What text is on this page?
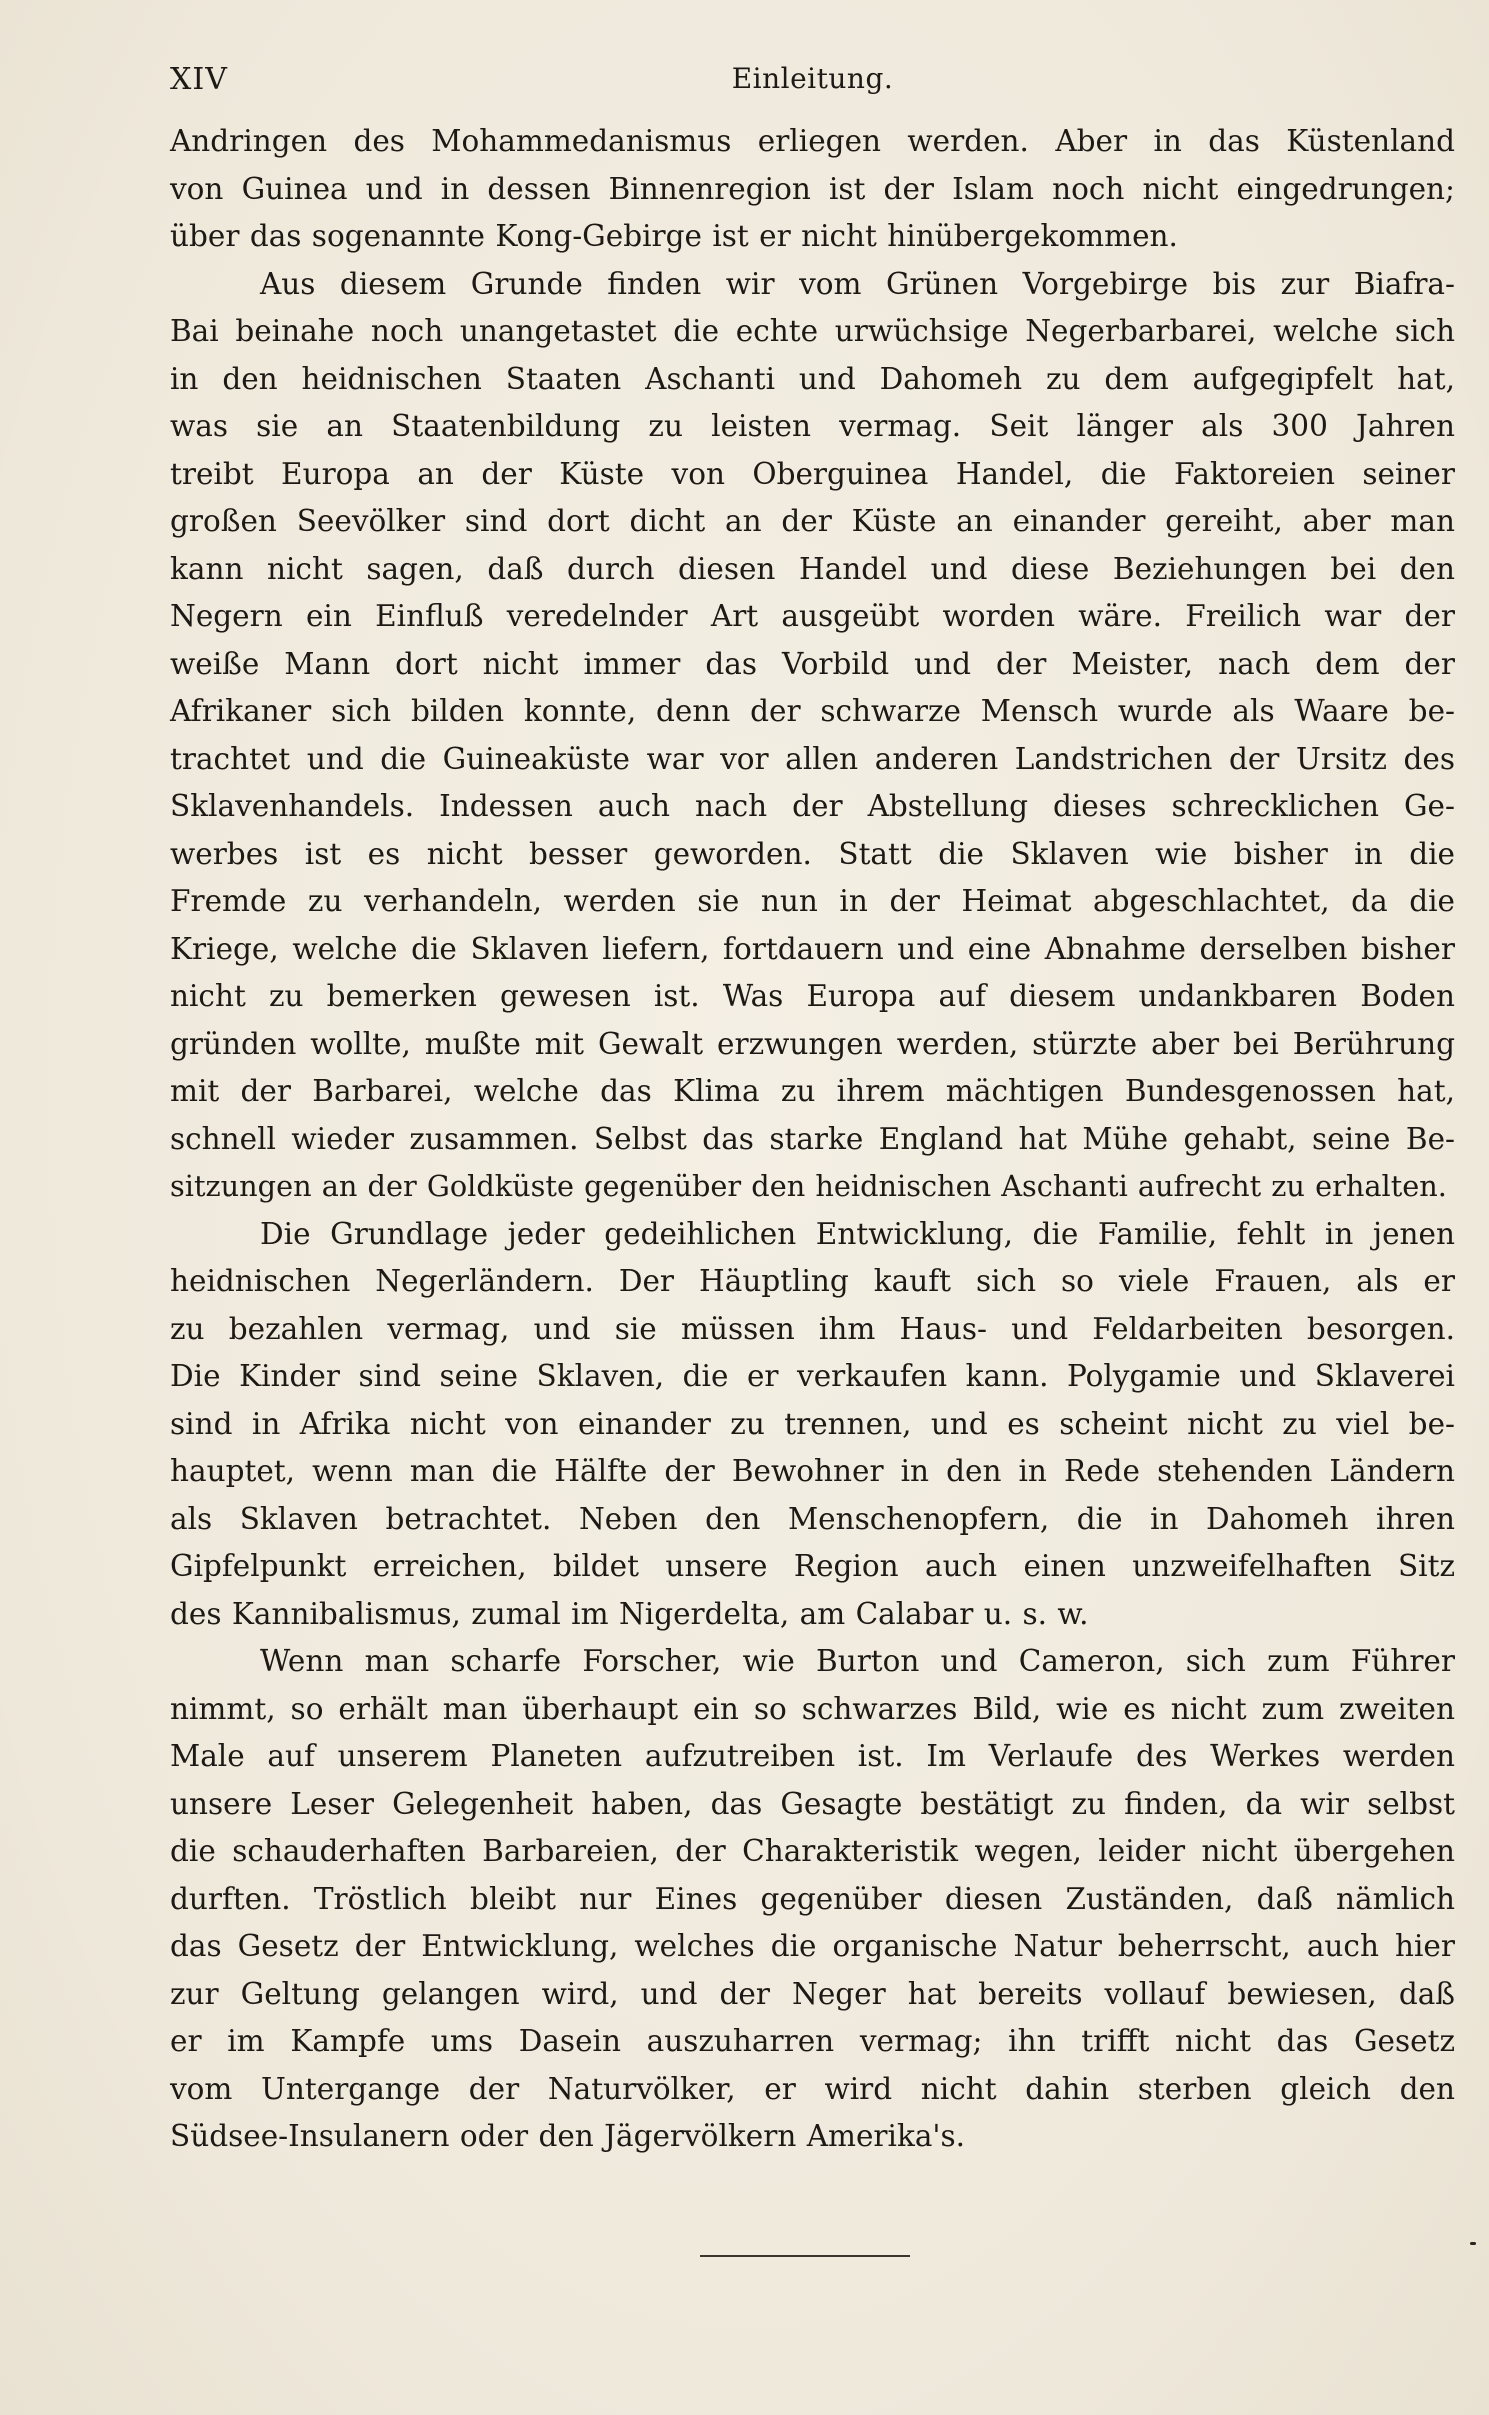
XIV	Einleitung.
Andringen des Mohammedanismus erliegen werden. Aber in das Küstenland
von Guinea und in dessen Binnenregion ist der Islam noch nicht eingedrungen;
über das sogenannte Kong-Gebirge ist er nicht hinübergekommen.
Aus diesem Grunde finden wir vom Grünen Vorgebirge bis zur Biafra-
Bai beinahe noch unangetastet die echte urwüchsige Negerbarbarei, welche sich
in den heidnischen Staaten Aschanti und Dahomeh zu dem aufgegipfelt hat,
was sie an Staatenbildung zu leisten vermag. Seit länger als 300 Jahren
treibt Europa an der Küste von Oberguinea Handel, die Faktoreien seiner
großen Seevölker sind dort dicht an der Küste an einander gereiht, aber man
kann nicht sagen, daß durch diesen Handel und diese Beziehungen bei den
Negern ein Einfluß veredelnder Art ausgeübt worden wäre. Freilich war der
weiße Mann dort nicht immer das Vorbild und der Meister, nach dem der
Afrikaner sich bilden konnte, denn der schwarze Mensch wurde als Waare be-
trachtet und die Guineaküste war vor allen anderen Landstrichen der Ursitz des
Sklavenhandels. Indessen auch nach der Abstellung dieses schrecklichen Ge-
werbes ist es nicht besser geworden. Statt die Sklaven wie bisher in die
Fremde zu verhandeln, werden sie nun in der Heimat abgeschlachtet, da die
Kriege, welche die Sklaven liefern, fortdauern und eine Abnahme derselben bisher
nicht zu bemerken gewesen ist. Was Europa auf diesem undankbaren Boden
gründen wollte, mußte mit Gewalt erzwungen werden, stürzte aber bei Berührung
mit der Barbarei, welche das Klima zu ihrem mächtigen Bundesgenossen hat,
schnell wieder zusammen. Selbst das starke England hat Mühe gehabt, seine Be-
sitzungen an der Goldküste gegenüber den heidnischen Aschanti aufrecht zu erhalten.
Die Grundlage jeder gedeihlichen Entwicklung, die Familie, fehlt in jenen
heidnischen Negerländern. Der Häuptling kauft sich so viele Frauen, als er
zu bezahlen vermag, und sie müssen ihm Haus- und Feldarbeiten besorgen.
Die Kinder sind seine Sklaven, die er verkaufen kann. Polygamie und Sklaverei
sind in Afrika nicht von einander zu trennen, und es scheint nicht zu viel be-
hauptet, wenn man die Hälfte der Bewohner in den in Rede stehenden Ländern
als Sklaven betrachtet. Neben den Menschenopfern, die in Dahomeh ihren
Gipfelpunkt erreichen, bildet unsere Region auch einen unzweifelhaften Sitz
des Kannibalismus, zumal im Nigerdelta, am Calabar u. s. w.
Wenn man scharfe Forscher, wie Burton und Cameron, sich zum Führer
nimmt, so erhält man überhaupt ein so schwarzes Bild, wie es nicht zum zweiten
Male auf unserem Planeten aufzutreiben ist. Im Verlaufe des Werkes werden
unsere Leser Gelegenheit haben, das Gesagte bestätigt zu finden, da wir selbst
die schauderhaften Barbareien, der Charakteristik wegen, leider nicht übergehen
durften. Tröstlich bleibt nur Eines gegenüber diesen Zuständen, daß nämlich
das Gesetz der Entwicklung, welches die organische Natur beherrscht, auch hier
zur Geltung gelangen wird, und der Neger hat bereits vollauf bewiesen, daß
er im Kampfe ums Dasein auszuharren vermag; ihn trifft nicht das Gesetz
vom Untergange der Naturvölker, er wird nicht dahin sterben gleich den
Südsee-Insulanern oder den Jägervölkern Amerika's.
